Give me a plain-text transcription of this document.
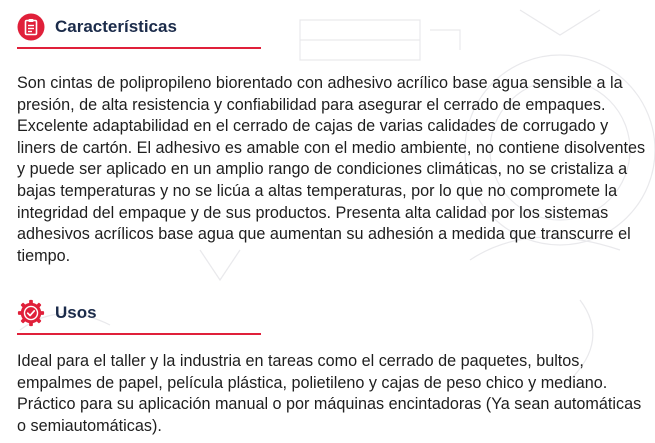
Características

Son cintas de polipropileno biorentado con adhesivo acrílico base agua sensible a la presión, de alta resistencia y confiabilidad para asegurar el cerrado de empaques. Excelente adaptabilidad en el cerrado de cajas de varias calidades de corrugado y liners de cartón. El adhesivo es amable con el medio ambiente, no contiene disolventes y puede ser aplicado en un amplio rango de condiciones climáticas, no se cristaliza a bajas temperaturas y no se licúa a altas temperaturas, por lo que no compromete la integridad del empaque y de sus productos. Presenta alta calidad por los sistemas adhesivos acrílicos base agua que aumentan su adhesión a medida que transcurre el tiempo.

Usos

Ideal para el taller y la industria en tareas como el cerrado de paquetes, bultos, empalmes de papel, película plástica, polietileno y cajas de peso chico y mediano. Práctico para su aplicación manual o por máquinas encintadoras (Ya sean automáticas o semiautomáticas).
